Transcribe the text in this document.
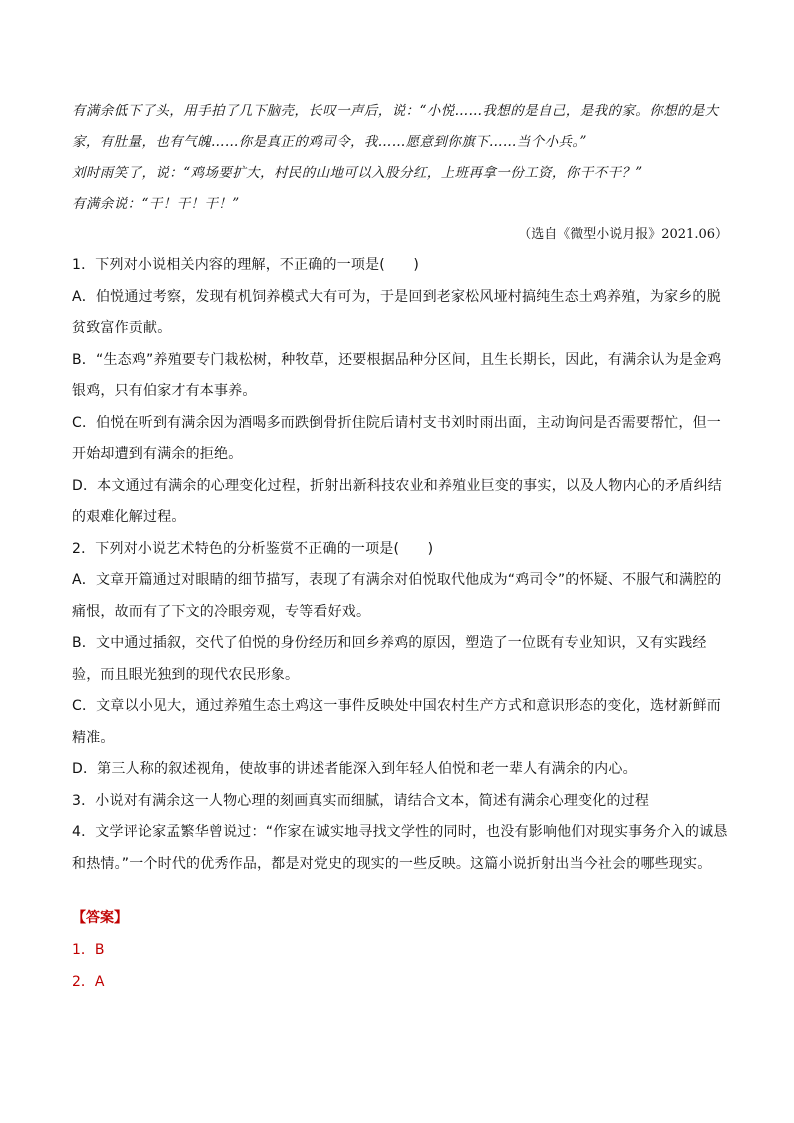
有满余低下了头，用手拍了几下脑壳，长叹一声后，说：“小悦……我想的是自己，是我的家。你想的是大家，有肚量，也有气魄……你是真正的鸡司令，我……愿意到你旗下……当个小兵。”

刘时雨笑了，说：“鸡场要扩大，村民的山地可以入股分红，上班再拿一份工资，你干不干？”

有满余说：“干！干！干！”

（选自《微型小说月报》2021.06）

1．下列对小说相关内容的理解，不正确的一项是(　　)

A．伯悦通过考察，发现有机饲养模式大有可为，于是回到老家松风垭村搞纯生态土鸡养殖，为家乡的脱贫致富作贡献。

B．“生态鸡”养殖要专门栽松树，种牧草，还要根据品种分区间，且生长期长，因此，有满余认为是金鸡银鸡，只有伯家才有本事养。

C．伯悦在听到有满余因为酒喝多而跌倒骨折住院后请村支书刘时雨出面，主动询问是否需要帮忙，但一开始却遭到有满余的拒绝。

D．本文通过有满余的心理变化过程，折射出新科技农业和养殖业巨变的事实，以及人物内心的矛盾纠结的艰难化解过程。

2．下列对小说艺术特色的分析鉴赏不正确的一项是(　　)

A．文章开篇通过对眼睛的细节描写，表现了有满余对伯悦取代他成为“鸡司令”的怀疑、不服气和满腔的痛恨，故而有了下文的冷眼旁观，专等看好戏。

B．文中通过插叙，交代了伯悦的身份经历和回乡养鸡的原因，塑造了一位既有专业知识，又有实践经验，而且眼光独到的现代农民形象。

C．文章以小见大，通过养殖生态土鸡这一事件反映处中国农村生产方式和意识形态的变化，选材新鲜而精准。

D．第三人称的叙述视角，使故事的讲述者能深入到年轻人伯悦和老一辈人有满余的内心。

3．小说对有满余这一人物心理的刻画真实而细腻，请结合文本，简述有满余心理变化的过程

4．文学评论家孟繁华曾说过：“作家在诚实地寻找文学性的同时，也没有影响他们对现实事务介入的诚恳和热情。”一个时代的优秀作品，都是对党史的现实的一些反映。这篇小说折射出当今社会的哪些现实。

【答案】

1．B

2．A
